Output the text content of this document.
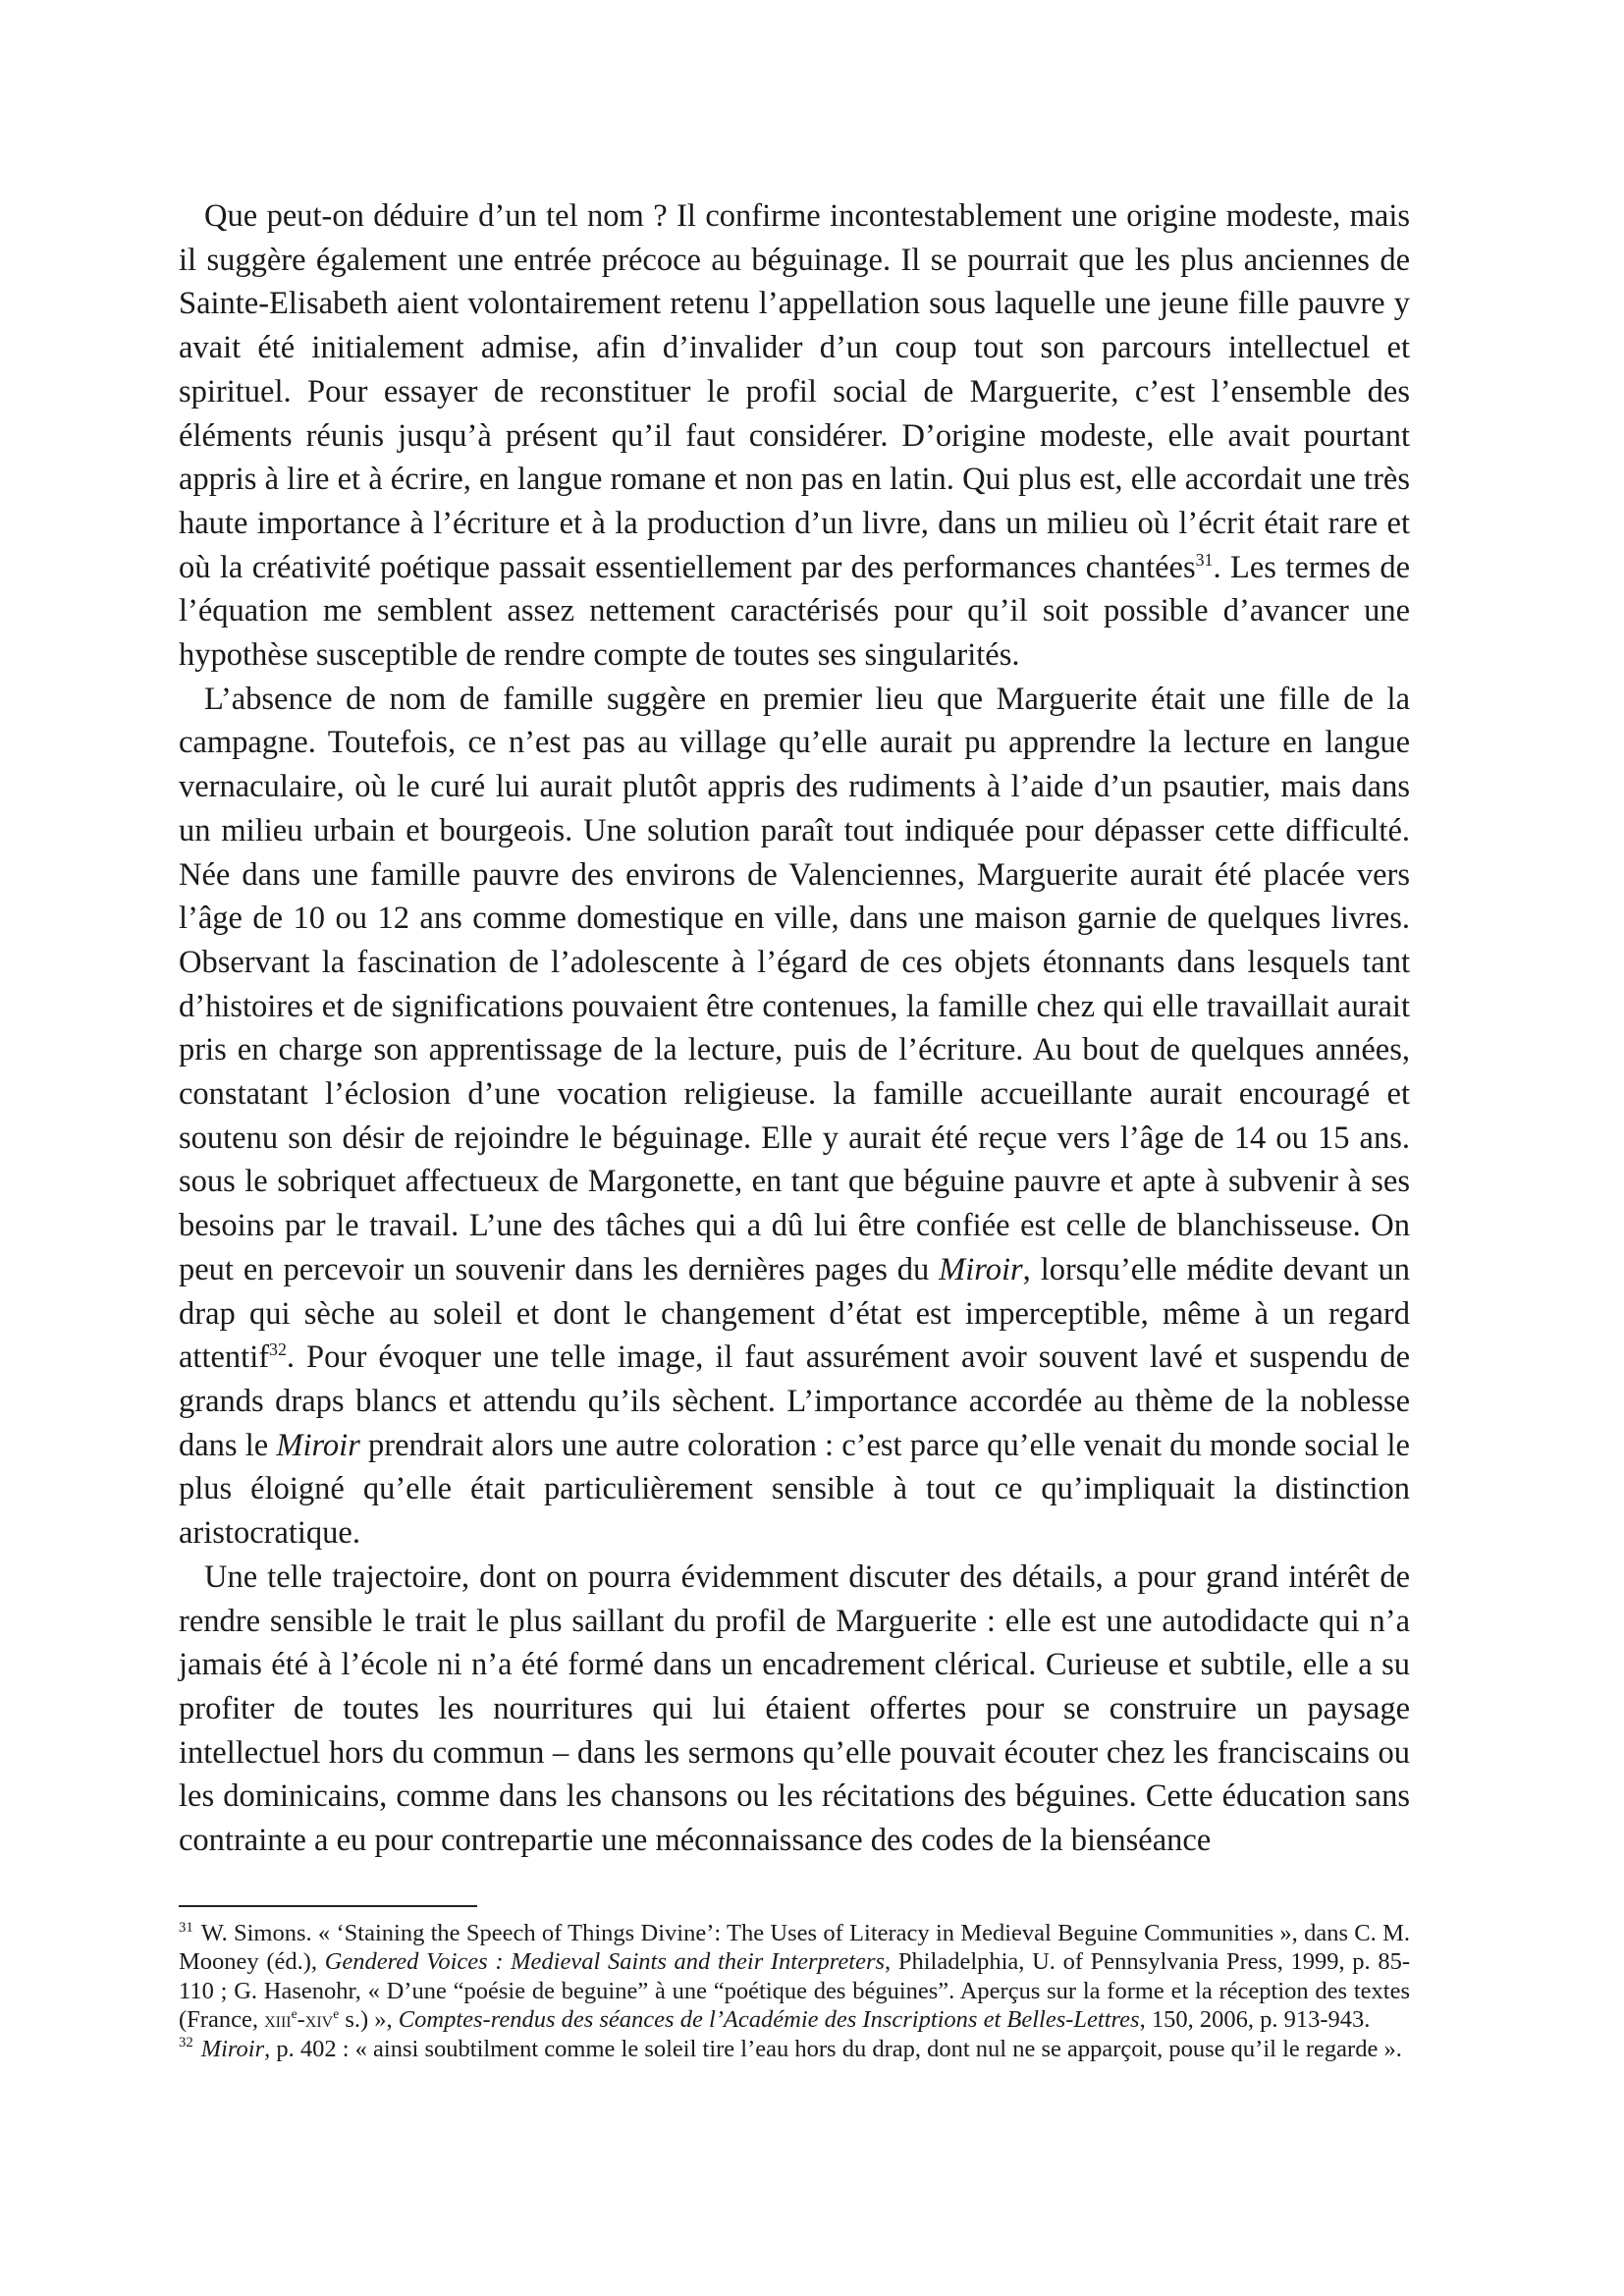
Que peut-on déduire d’un tel nom ? Il confirme incontestablement une origine modeste, mais il suggère également une entrée précoce au béguinage. Il se pourrait que les plus anciennes de Sainte-Elisabeth aient volontairement retenu l’appellation sous laquelle une jeune fille pauvre y avait été initialement admise, afin d’invalider d’un coup tout son parcours intellectuel et spirituel. Pour essayer de reconstituer le profil social de Marguerite, c’est l’ensemble des éléments réunis jusqu’à présent qu’il faut considérer. D’origine modeste, elle avait pourtant appris à lire et à écrire, en langue romane et non pas en latin. Qui plus est, elle accordait une très haute importance à l’écriture et à la production d’un livre, dans un milieu où l’écrit était rare et où la créativité poétique passait essentiellement par des performances chantées$^{31}$. Les termes de l’équation me semblent assez nettement caractérisés pour qu’il soit possible d’avancer une hypothèse susceptible de rendre compte de toutes ses singularités.

L’absence de nom de famille suggère en premier lieu que Marguerite était une fille de la campagne. Toutefois, ce n’est pas au village qu’elle aurait pu apprendre la lecture en langue vernaculaire, où le curé lui aurait plutôt appris des rudiments à l’aide d’un psautier, mais dans un milieu urbain et bourgeois. Une solution paraît tout indiquée pour dépasser cette difficulté. Née dans une famille pauvre des environs de Valenciennes, Marguerite aurait été placée vers l’âge de 10 ou 12 ans comme domestique en ville, dans une maison garnie de quelques livres. Observant la fascination de l’adolescente à l’égard de ces objets étonnants dans lesquels tant d’histoires et de significations pouvaient être contenues, la famille chez qui elle travaillait aurait pris en charge son apprentissage de la lecture, puis de l’écriture. Au bout de quelques années, constatant l’éclosion d’une vocation religieuse. la famille accueillante aurait encouragé et soutenu son désir de rejoindre le béguinage. Elle y aurait été reçue vers l’âge de 14 ou 15 ans. sous le sobriquet affectueux de Margonette, en tant que béguine pauvre et apte à subvenir à ses besoins par le travail. L’une des tâches qui a dû lui être confiée est celle de blanchisseuse. On peut en percevoir un souvenir dans les dernières pages du Miroir, lorsqu’elle médite devant un drap qui sèche au soleil et dont le changement d’état est imperceptible, même à un regard attentif$^{32}$. Pour évoquer une telle image, il faut assurément avoir souvent lavé et suspendu de grands draps blancs et attendu qu’ils sèchent. L’importance accordée au thème de la noblesse dans le Miroir prendrait alors une autre coloration : c’est parce qu’elle venait du monde social le plus éloigné qu’elle était particulièrement sensible à tout ce qu’impliquait la distinction aristocratique.

Une telle trajectoire, dont on pourra évidemment discuter des détails, a pour grand intérêt de rendre sensible le trait le plus saillant du profil de Marguerite : elle est une autodidacte qui n’a jamais été à l’école ni n’a été formé dans un encadrement clérical. Curieuse et subtile, elle a su profiter de toutes les nourritures qui lui étaient offertes pour se construire un paysage intellectuel hors du commun – dans les sermons qu’elle pouvait écouter chez les franciscains ou les dominicains, comme dans les chansons ou les récitations des béguines. Cette éducation sans contrainte a eu pour contrepartie une méconnaissance des codes de la bienséance

$^{31}$ W. Simons. « ‘Staining the Speech of Things Divine’: The Uses of Literacy in Medieval Beguine Communities », dans C. M. Mooney (éd.), Gendered Voices : Medieval Saints and their Interpreters, Philadelphia, U. of Pennsylvania Press, 1999, p. 85-110 ; G. Hasenohr, « D’une “poésie de beguine” à une “poétique des béguines”. Aperçus sur la forme et la réception des textes (France, xiii$^e$-xiv$^e$ s.) », Comptes-rendus des séances de l’Académie des Inscriptions et Belles-Lettres, 150, 2006, p. 913-943.

$^{32}$ Miroir, p. 402 : « ainsi soubtilment comme le soleil tire l’eau hors du drap, dont nul ne se apparçoit, pouse qu’il le regarde ».
